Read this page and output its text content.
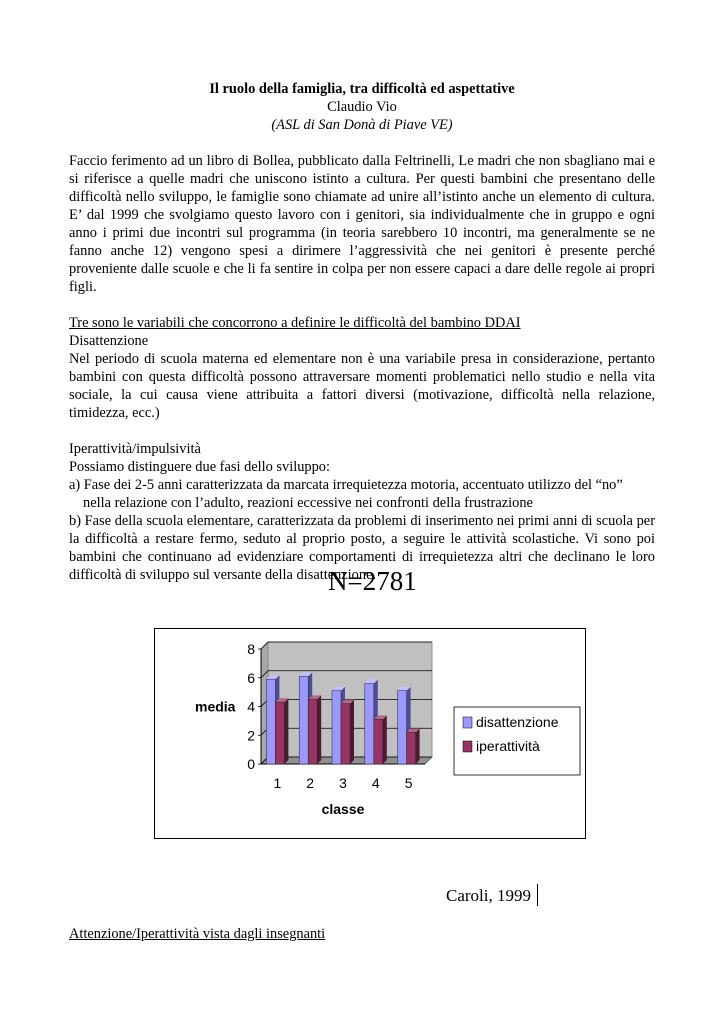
Il ruolo della famiglia, tra difficoltà ed aspettative

Claudio Vio

(ASL di San Donà di Piave VE)

Faccio ferimento ad un libro di Bollea, pubblicato dalla Feltrinelli, Le madri che non sbagliano mai e si riferisce a quelle madri che uniscono istinto a cultura. Per questi bambini che presentano delle difficoltà nello sviluppo, le famiglie sono chiamate ad unire all’istinto anche un elemento di cultura. E’ dal 1999 che svolgiamo questo lavoro con i genitori, sia individualmente che in gruppo e ogni anno i primi due incontri sul programma (in teoria sarebbero 10 incontri, ma generalmente se ne fanno anche 12) vengono spesi a dirimere l’aggressività che nei genitori è presente perché proveniente dalle scuole e che li fa sentire in colpa per non essere capaci a dare delle regole ai propri figli.

Tre sono le variabili che concorrono a definire le difficoltà del bambino DDAI

Disattenzione

Nel periodo di scuola materna ed elementare non è una variabile presa in considerazione, pertanto bambini con questa difficoltà possono attraversare momenti problematici nello studio e nella vita sociale, la cui causa viene attribuita a fattori diversi (motivazione, difficoltà nella relazione, timidezza, ecc.)

Iperattività/impulsività

Possiamo distinguere due fasi dello sviluppo:

a) Fase dei 2-5 anni caratterizzata da marcata irrequietezza motoria, accentuato utilizzo del “no”

nella relazione con l’adulto, reazioni eccessive nei confronti della frustrazione

b) Fase della scuola elementare, caratterizzata da problemi di inserimento nei primi anni di scuola per la difficoltà a restare fermo, seduto al proprio posto, a seguire le attività scolastiche. Vi sono poi bambini che continuano ad evidenziare comportamenti di irrequietezza altri che declinano le loro difficoltà di sviluppo sul versante della disattenzione.

N=2781
0
2
4
6
8
1 2 3 4 5
media
classe
disattenzione
iperattività
Caroli, 1999

Attenzione/Iperattività vista dagli insegnanti
